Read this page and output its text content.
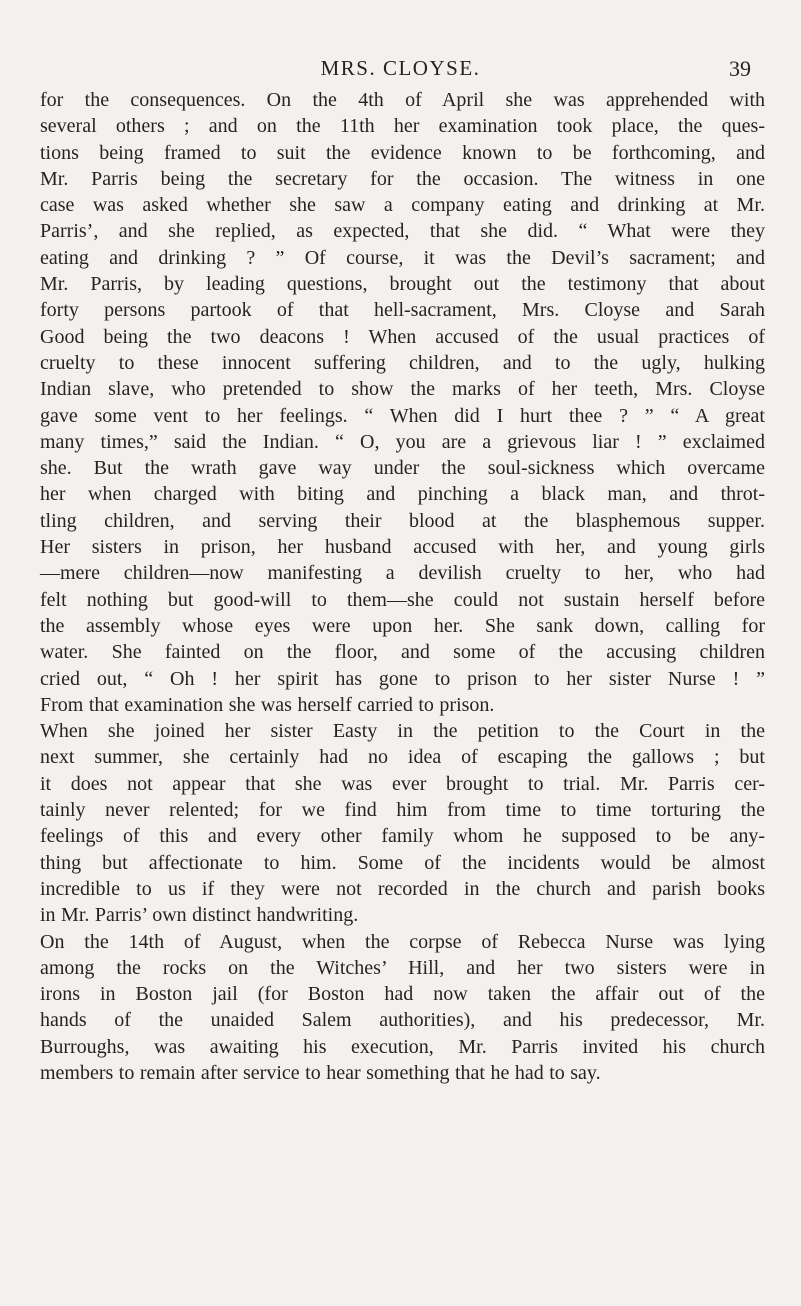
MRS. CLOYSE.	39
for the consequences. On the 4th of April she was apprehended with
several others ; and on the 11th her examination took place, the ques-
tions being framed to suit the evidence known to be forthcoming, and
Mr. Parris being the secretary for the occasion. The witness in one
case was asked whether she saw a company eating and drinking at Mr.
Parris’, and she replied, as expected, that she did. “ What were they
eating and drinking ? ” Of course, it was the Devil’s sacrament; and
Mr. Parris, by leading questions, brought out the testimony that about
forty persons partook of that hell-sacrament, Mrs. Cloyse and Sarah
Good being the two deacons ! When accused of the usual practices of
cruelty to these innocent suffering children, and to the ugly, hulking
Indian slave, who pretended to show the marks of her teeth, Mrs. Cloyse
gave some vent to her feelings. “ When did I hurt thee ? ” “ A great
many times,” said the Indian. “ O, you are a grievous liar ! ” exclaimed
she. But the wrath gave way under the soul-sickness which overcame
her when charged with biting and pinching a black man, and throt-
tling children, and serving their blood at the blasphemous supper.
Her sisters in prison, her husband accused with her, and young girls
—mere children—now manifesting a devilish cruelty to her, who had
felt nothing but good-will to them—she could not sustain herself before
the assembly whose eyes were upon her. She sank down, calling for
water. She fainted on the floor, and some of the accusing children
cried out, “ Oh ! her spirit has gone to prison to her sister Nurse ! ”
From that examination she was herself carried to prison.
When she joined her sister Easty in the petition to the Court in the
next summer, she certainly had no idea of escaping the gallows ; but
it does not appear that she was ever brought to trial. Mr. Parris cer-
tainly never relented; for we find him from time to time torturing the
feelings of this and every other family whom he supposed to be any-
thing but affectionate to him. Some of the incidents would be almost
incredible to us if they were not recorded in the church and parish books
in Mr. Parris’ own distinct handwriting.
On the 14th of August, when the corpse of Rebecca Nurse was lying
among the rocks on the Witches’ Hill, and her two sisters were in
irons in Boston jail (for Boston had now taken the affair out of the
hands of the unaided Salem authorities), and his predecessor, Mr.
Burroughs, was awaiting his execution, Mr. Parris invited his church
members to remain after service to hear something that he had to say.
